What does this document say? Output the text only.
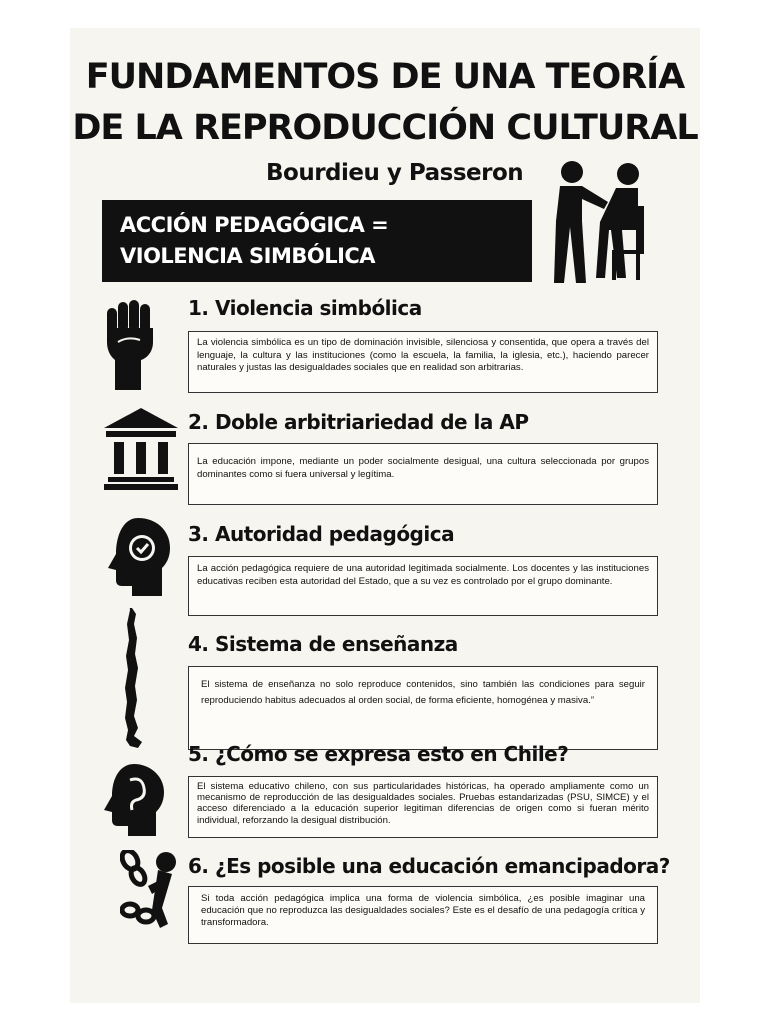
FUNDAMENTOS DE UNA TEORÍA
DE LA REPRODUCCIÓN CULTURAL
Bourdieu y Passeron
ACCIÓN PEDAGÓGICA =
VIOLENCIA SIMBÓLICA
1. Violencia simbólica
La violencia simbólica es un tipo de dominación invisible, silenciosa y consentida, que opera a través del lenguaje, la cultura y las instituciones (como la escuela, la familia, la iglesia, etc.), haciendo parecer naturales y justas las desigualdades sociales que en realidad son arbitrarias.
2. Doble arbitriariedad de la AP
La educación impone, mediante un poder socialmente desigual, una cultura seleccionada por grupos dominantes como si fuera universal y legítima.
3. Autoridad pedagógica
La acción pedagógica requiere de una autoridad legitimada socialmente. Los docentes y las instituciones educativas reciben esta autoridad del Estado, que a su vez es controlado por el grupo dominante.
4. Sistema de enseñanza
El sistema de enseñanza no solo reproduce contenidos, sino también las condiciones para seguir reproduciendo habitus adecuados al orden social, de forma eficiente, homogénea y masiva.”
5. ¿Cómo se expresa esto en Chile?
El sistema educativo chileno, con sus particularidades históricas, ha operado ampliamente como un mecanismo de reproducción de las desigualdades sociales. Pruebas estandarizadas (PSU, SIMCE) y el acceso diferenciado a la educación superior legitiman diferencias de origen como si fueran mérito individual, reforzando la desigual distribución.
6. ¿Es posible una educación emancipadora?
Si toda acción pedagógica implica una forma de violencia simbólica, ¿es posible imaginar una educación que no reproduzca las desigualdades sociales? Este es el desafío de una pedagogía crítica y transformadora.
